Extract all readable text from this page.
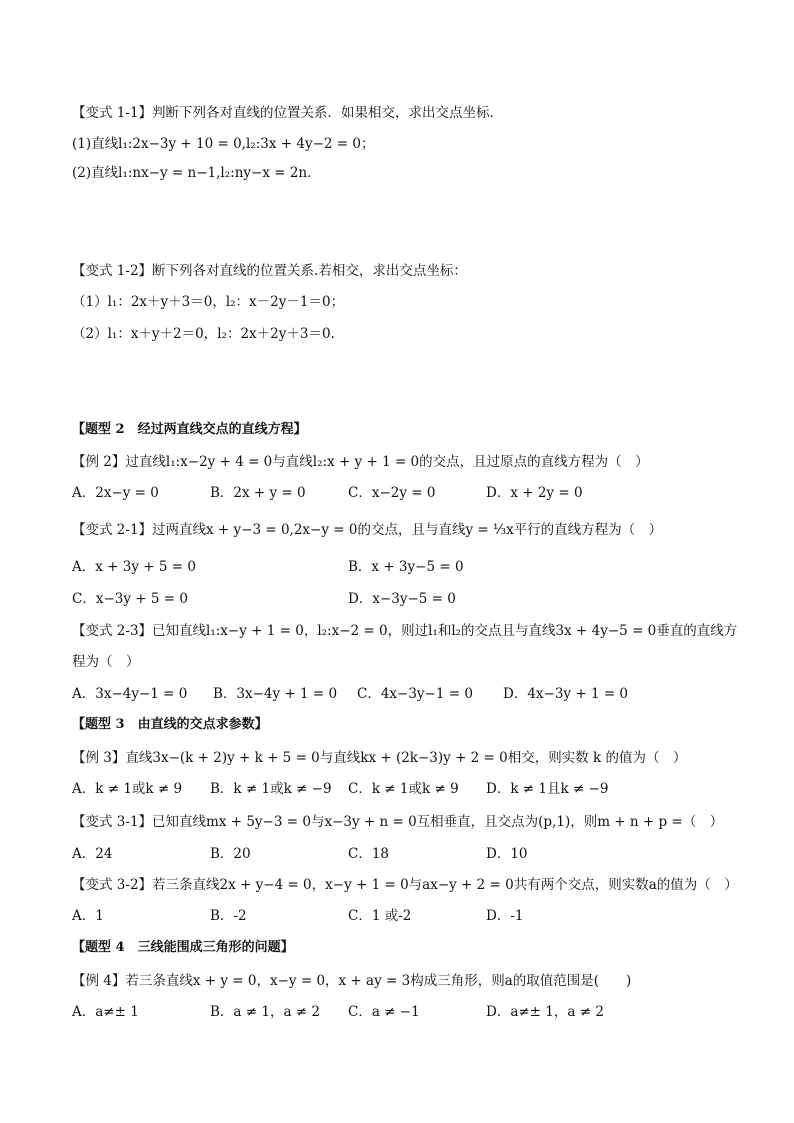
【变式 1-1】判断下列各对直线的位置关系．如果相交，求出交点坐标．
(1)直线l₁:2x−3y + 10 = 0,l₂:3x + 4y−2 = 0；
(2)直线l₁:nx−y = n−1,l₂:ny−x = 2n．
【变式 1-2】断下列各对直线的位置关系.若相交，求出交点坐标：
（1）l₁：2x＋y＋3＝0，l₂：x－2y－1＝0；
（2）l₁：x＋y＋2＝0，l₂：2x＋2y＋3＝0.
【题型 2　经过两直线交点的直线方程】
【例 2】过直线l₁:x−2y + 4 = 0与直线l₂:x + y + 1 = 0的交点，且过原点的直线方程为（　）
A．2x−y = 0	B．2x + y = 0	C．x−2y = 0	D．x + 2y = 0
【变式 2-1】过两直线x + y−3 = 0,2x−y = 0的交点，且与直线y = ⅓x平行的直线方程为（　）
A．x + 3y + 5 = 0	B．x + 3y−5 = 0
C．x−3y + 5 = 0	D．x−3y−5 = 0
【变式 2-3】已知直线l₁:x−y + 1 = 0，l₂:x−2 = 0，则过l₁和l₂的交点且与直线3x + 4y−5 = 0垂直的直线方
程为（　）
A．3x−4y−1 = 0 B．3x−4y + 1 = 0 C．4x−3y−1 = 0 D．4x−3y + 1 = 0
【题型 3　由直线的交点求参数】
【例 3】直线3x−(k + 2)y + k + 5 = 0与直线kx + (2k−3)y + 2 = 0相交，则实数 k 的值为（　）
A．k ≠ 1或k ≠ 9 B．k ≠ 1或k ≠ −9 C．k ≠ 1或k ≠ 9 D．k ≠ 1且k ≠ −9
【变式 3-1】已知直线mx + 5y−3 = 0与x−3y + n = 0互相垂直，且交点为(p,1)，则m + n + p =（　）
A．24	B．20	C．18	D．10
【变式 3-2】若三条直线2x + y−4 = 0，x−y + 1 = 0与ax−y + 2 = 0共有两个交点，则实数a的值为（　）
A．1	B．-2	C．1 或-2	D．-1
【题型 4　三线能围成三角形的问题】
【例 4】若三条直线x + y = 0，x−y = 0，x + ay = 3构成三角形，则a的取值范围是(　　)
A．a≠± 1	B．a ≠ 1，a ≠ 2 C．a ≠ −1	D．a≠± 1，a ≠ 2
